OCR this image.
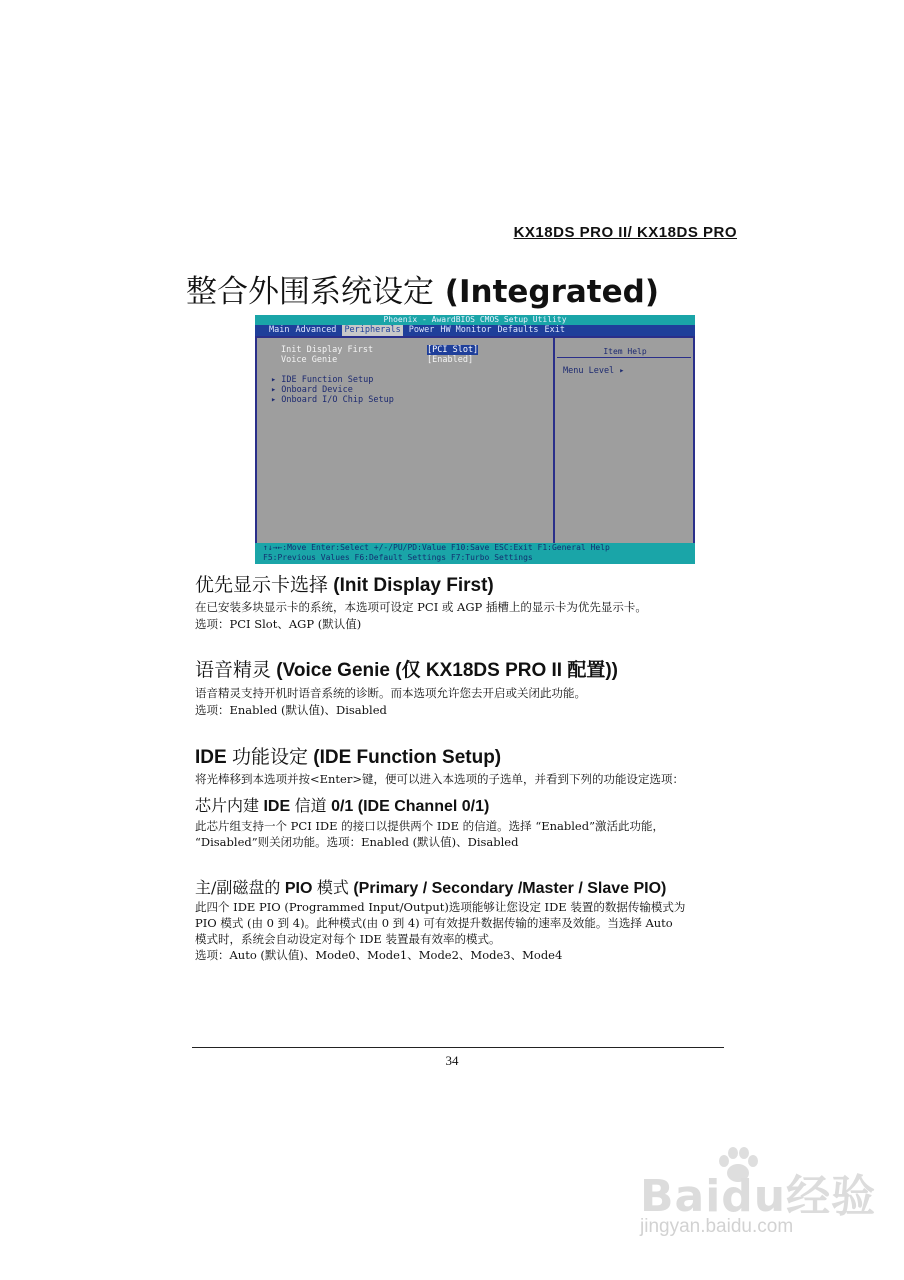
KX18DS PRO II/ KX18DS PRO
整合外围系统设定 (Integrated)
Phoenix - AwardBIOS CMOS Setup Utility
Main Advanced Peripherals Power HW Monitor Defaults Exit
Init Display First	[PCI Slot]
Voice Genie	[Enabled]
▸ IDE Function Setup
▸ Onboard Device
▸ Onboard I/O Chip Setup
Item Help
Menu Level ▸
↑↓→←:Move Enter:Select +/-/PU/PD:Value F10:Save ESC:Exit F1:General Help
F5:Previous Values F6:Default Settings F7:Turbo Settings
优先显示卡选择 (Init Display First)
在已安装多块显示卡的系统，本选项可设定 PCI 或 AGP 插槽上的显示卡为优先显示卡。
选项：PCI Slot、AGP (默认值)
语音精灵 (Voice Genie (仅 KX18DS PRO II 配置))
语音精灵支持开机时语音系统的诊断。而本选项允许您去开启或关闭此功能。
选项：Enabled (默认值)、Disabled
IDE 功能设定 (IDE Function Setup)
将光棒移到本选项并按<Enter>键，便可以进入本选项的子选单，并看到下列的功能设定选项：
芯片内建 IDE 信道 0/1 (IDE Channel 0/1)
此芯片组支持一个 PCI IDE 的接口以提供两个 IDE 的信道。选择 “Enabled”激活此功能，
“Disabled”则关闭功能。选项：Enabled (默认值)、Disabled
主/副磁盘的 PIO 模式 (Primary / Secondary /Master / Slave PIO)
此四个 IDE PIO (Programmed Input/Output)选项能够让您设定 IDE 装置的数据传输模式为
PIO 模式 (由 0 到 4)。此种模式(由 0 到 4) 可有效提升数据传输的速率及效能。当选择 Auto
模式时，系统会自动设定对每个 IDE 装置最有效率的模式。
选项：Auto (默认值)、Mode0、Mode1、Mode2、Mode3、Mode4
34
Baidu经验
jingyan.baidu.com
